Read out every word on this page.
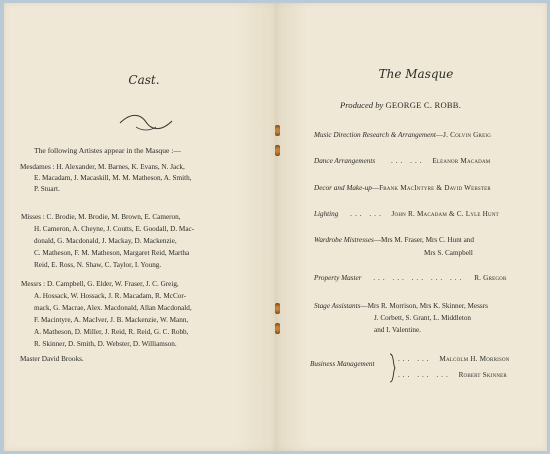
Cast.
The following Artistes appear in the Masque :—
Mesdames : H. Alexander, M. Barnes, K. Evans, N. Jack,
E. Macadam, J. Macaskill, M. M. Matheson, A. Smith,
P. Stuart.
Misses : C. Brodie, M. Brodie, M. Brown, E. Cameron,
H. Cameron, A. Cheyne, J. Coutts, E. Goodall, D. Mac-
donald, G. Macdonald, J. Mackay, D. Mackenzie,
C. Matheson, F. M. Matheson, Margaret Reid, Martha
Reid, E. Ross, N. Shaw, C. Taylor, I. Young.
Messrs : D. Campbell, G. Elder, W. Fraser, J. C. Greig,
A. Hossack, W. Hossack, J. R. Macadam, R. McCor-
mack, G. Macrae, Alex. Macdonald, Allan Macdonald,
F. Macintyre, A. MacIver, J. B. Mackenzie, W. Mann,
A. Matheson, D. Miller, J. Reid, R. Reid, G. C. Robb,
R. Skinner, D. Smith, D. Webster, D. Williamson.
Master David Brooks.
The Masque
Produced by GEORGE C. ROBB.
Music Direction Research & Arrangement—J. Colvin Greig
Dance Arrangements ... ... Eleanor Macadam
Decor and Make-up—Frank MacIntyre & David Webster
Lighting ... ... John R. Macadam & C. Lyle Hunt
Wardrobe Mistresses—Mrs M. Fraser, Mrs C. Hunt and
Mrs S. Campbell
Property Master ... ... ... ... ... R. Gregor
Stage Assistants—Mrs R. Morrison, Mrs K. Skinner, Messrs
J. Corbett, S. Grant, L. Middleton
and I. Valentine.
Business Management
... ... Malcolm H. Morrison
... ... ... Robert Skinner
